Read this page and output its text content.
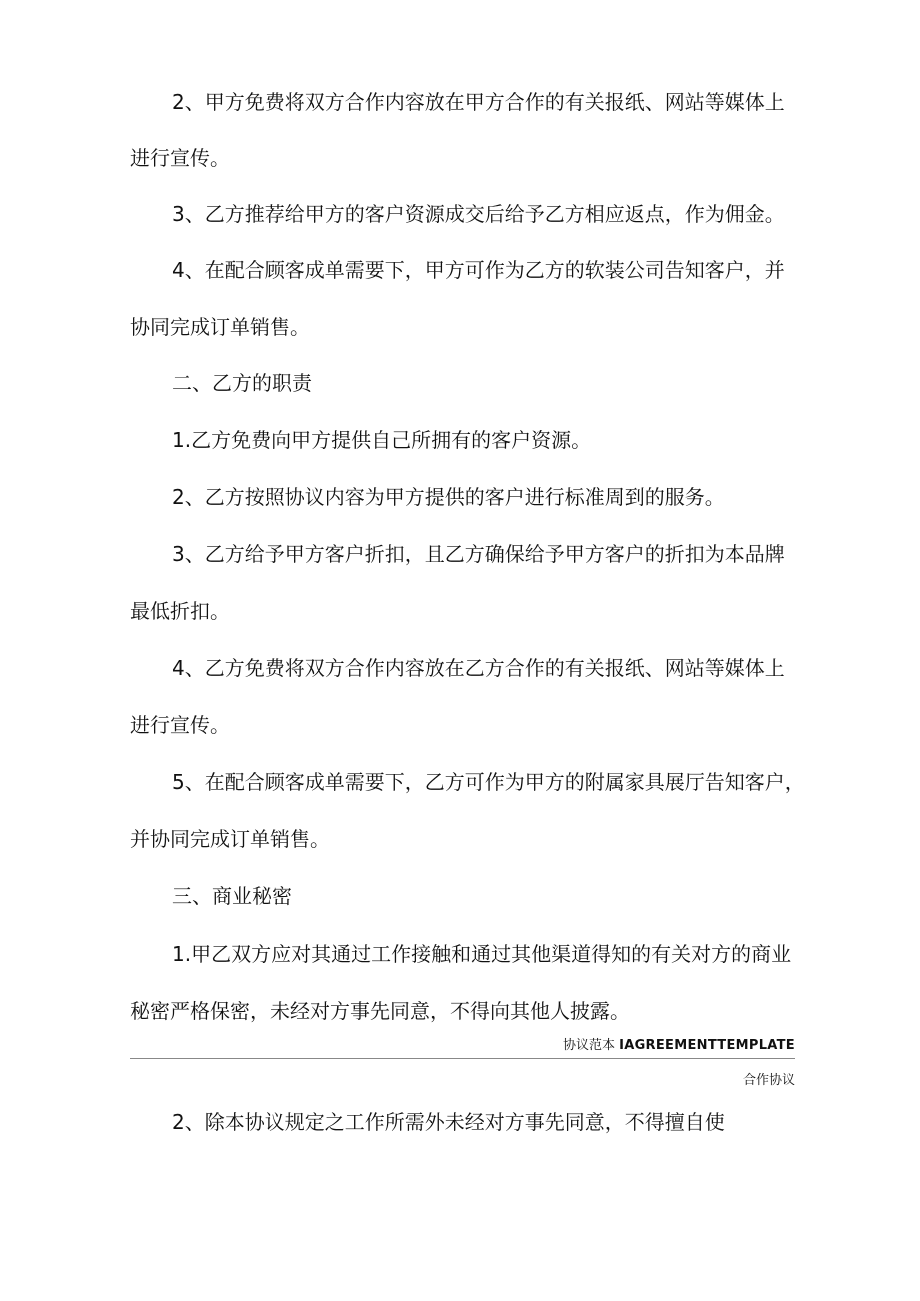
2、甲方免费将双方合作内容放在甲方合作的有关报纸、网站等媒体上

进行宣传。

3、乙方推荐给甲方的客户资源成交后给予乙方相应返点，作为佣金。

4、在配合顾客成单需要下，甲方可作为乙方的软装公司告知客户，并

协同完成订单销售。

二、乙方的职责

1.乙方免费向甲方提供自己所拥有的客户资源。

2、乙方按照协议内容为甲方提供的客户进行标准周到的服务。

3、乙方给予甲方客户折扣，且乙方确保给予甲方客户的折扣为本品牌

最低折扣。

4、乙方免费将双方合作内容放在乙方合作的有关报纸、网站等媒体上

进行宣传。

5、在配合顾客成单需要下，乙方可作为甲方的附属家具展厅告知客户，

并协同完成订单销售。

三、商业秘密

1.甲乙双方应对其通过工作接触和通过其他渠道得知的有关对方的商业

秘密严格保密，未经对方事先同意，不得向其他人披露。

协议范本 IAGREEMENTTEMPLATE

合作协议

2、除本协议规定之工作所需外未经对方事先同意，不得擅自使
